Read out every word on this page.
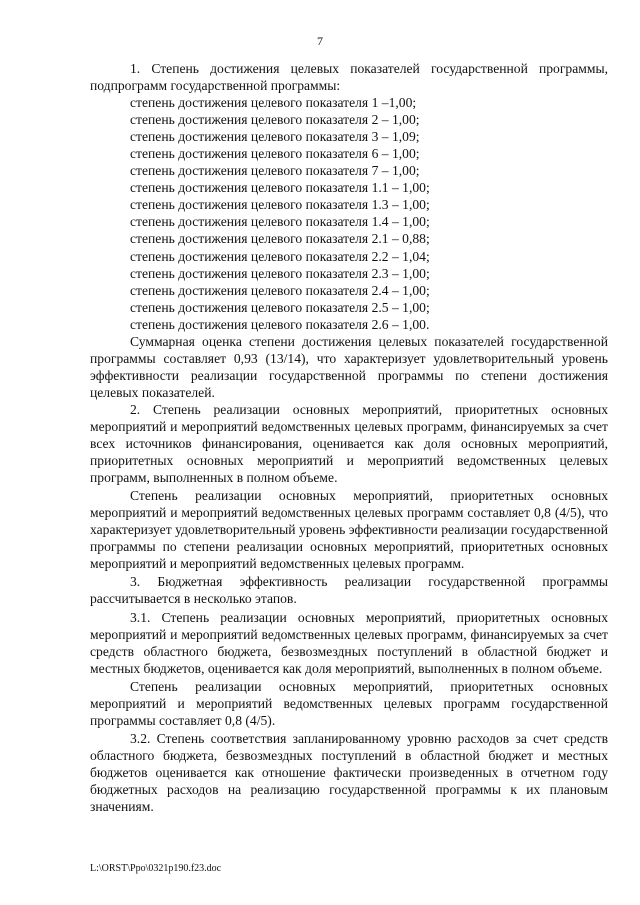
7

1. Степень достижения целевых показателей государственной программы, подпрограмм государственной программы:

степень достижения целевого показателя 1 –1,00;
степень достижения целевого показателя 2 – 1,00;
степень достижения целевого показателя 3 – 1,09;
степень достижения целевого показателя 6 – 1,00;
степень достижения целевого показателя 7 – 1,00;
степень достижения целевого показателя 1.1 – 1,00;
степень достижения целевого показателя 1.3 – 1,00;
степень достижения целевого показателя 1.4 – 1,00;
степень достижения целевого показателя 2.1 – 0,88;
степень достижения целевого показателя 2.2 – 1,04;
степень достижения целевого показателя 2.3 – 1,00;
степень достижения целевого показателя 2.4 – 1,00;
степень достижения целевого показателя 2.5 – 1,00;
степень достижения целевого показателя 2.6 – 1,00.

Суммарная оценка степени достижения целевых показателей государственной программы составляет 0,93 (13/14), что характеризует удовлетворительный уровень эффективности реализации государственной программы по степени достижения целевых показателей.

2. Степень реализации основных мероприятий, приоритетных основных мероприятий и мероприятий ведомственных целевых программ, финансируемых за счет всех источников финансирования, оценивается как доля основных мероприятий, приоритетных основных мероприятий и мероприятий ведомственных целевых программ, выполненных в полном объеме.

Степень реализации основных мероприятий, приоритетных основных мероприятий и мероприятий ведомственных целевых программ составляет 0,8 (4/5), что характеризует удовлетворительный уровень эффективности реализации государственной программы по степени реализации основных мероприятий, приоритетных основных мероприятий и мероприятий ведомственных целевых программ.

3. Бюджетная эффективность реализации государственной программы рассчитывается в несколько этапов.

3.1. Степень реализации основных мероприятий, приоритетных основных мероприятий и мероприятий ведомственных целевых программ, финансируемых за счет средств областного бюджета, безвозмездных поступлений в областной бюджет и местных бюджетов, оценивается как доля мероприятий, выполненных в полном объеме.

Степень реализации основных мероприятий, приоритетных основных мероприятий и мероприятий ведомственных целевых программ государственной программы составляет 0,8 (4/5).

3.2. Степень соответствия запланированному уровню расходов за счет средств областного бюджета, безвозмездных поступлений в областной бюджет и местных бюджетов оценивается как отношение фактически произведенных в отчетном году бюджетных расходов на реализацию государственной программы к их плановым значениям.

L:\ORST\Ppo\0321p190.f23.doc
